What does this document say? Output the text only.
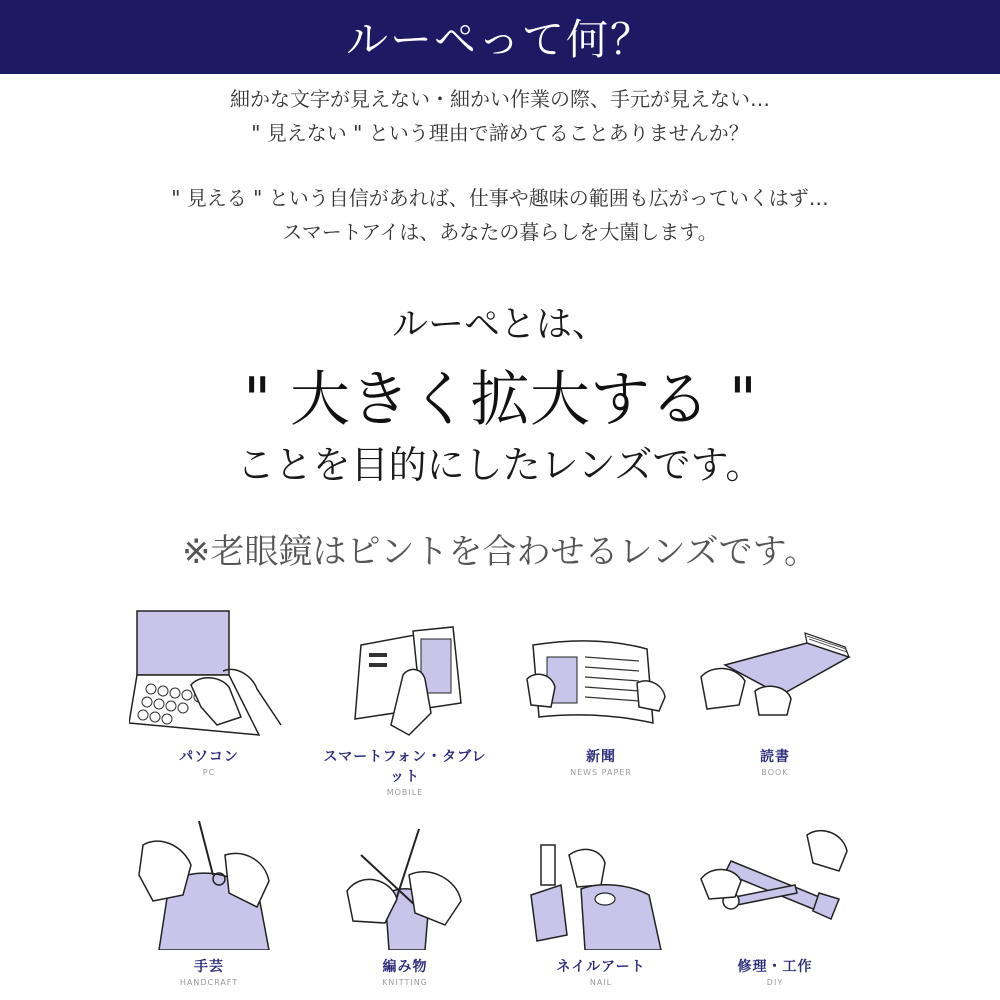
ルーペって何？
細かな文字が見えない・細かい作業の際、手元が見えない…
" 見えない " という理由で諦めてることありませんか？
" 見える " という自信があれば、仕事や趣味の範囲も広がっていくはず…
スマートアイは、あなたの暮らしを大薗します。
ルーペとは、
" 大きく拡大する "
ことを目的にしたレンズです。
※老眼鏡はピントを合わせるレンズです。
パソコン
PC
スマートフォン・タブレット
MOBILE
新聞
NEWS PAPER
読書
BOOK
手芸
HANDCRAFT
編み物
KNITTING
ネイルアート
NAIL
修理・工作
DIY
